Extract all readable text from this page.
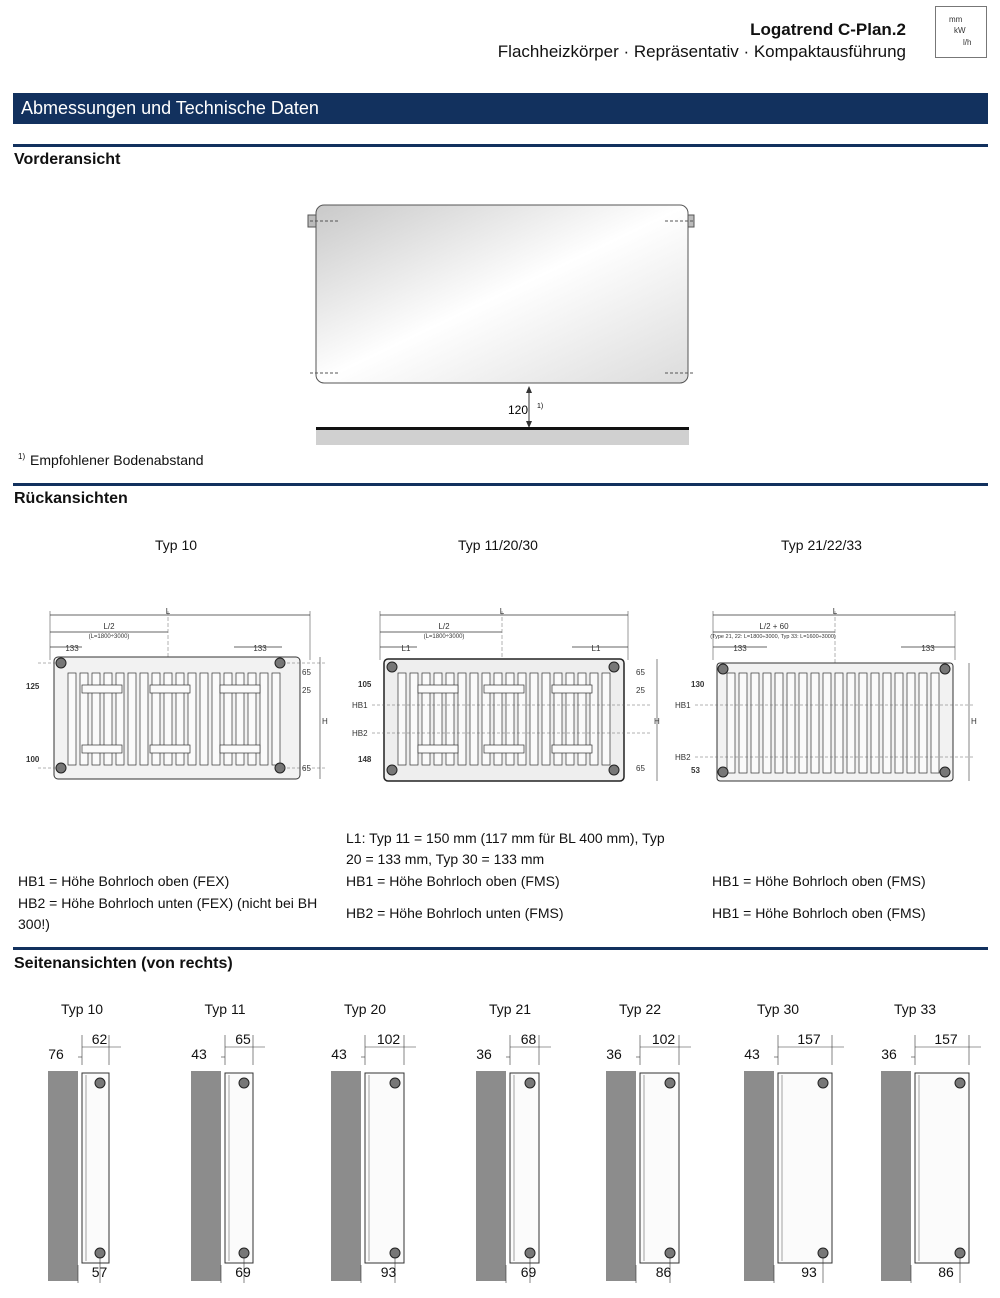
Logatrend C-Plan.2
Flachheizkörper · Repräsentativ · Kompaktausführung
mm
kW
l/h
Abmessungen und Technische Daten
Vorderansicht
120 1)
1) Empfohlener Bodenabstand
Rückansichten
Typ 10	Typ 11/20/30	Typ 21/22/33
L
L/2
(L=1800÷3000)
133	133
125
100
65
25
65
H
L
L/2
(L=1800÷3000)
L1	L1
105
HB1
HB2
148
65
25
65
H
L
L/2 + 60
(Type 21, 22: L=1800÷3000, Typ 33: L=1600÷3000)
133	133
130
HB1
HB2
53
H
L1: Typ 11 = 150 mm (117 mm für BL 400 mm), Typ 20 = 133 mm, Typ 30 = 133 mm
HB1 = Höhe Bohrloch oben (FEX)
HB2 = Höhe Bohrloch unten (FEX) (nicht bei BH 300!)
HB1 = Höhe Bohrloch oben (FMS)
HB2 = Höhe Bohrloch unten (FMS)
HB1 = Höhe Bohrloch oben (FMS)
HB1 = Höhe Bohrloch oben (FMS)
Seitenansichten (von rechts)
Typ 10
62
76
57
Typ 11
65
43
69
Typ 20
102
43
93
Typ 21
68
36
69
Typ 22
102
36
86
Typ 30
157
43
93
Typ 33
157
36
86
